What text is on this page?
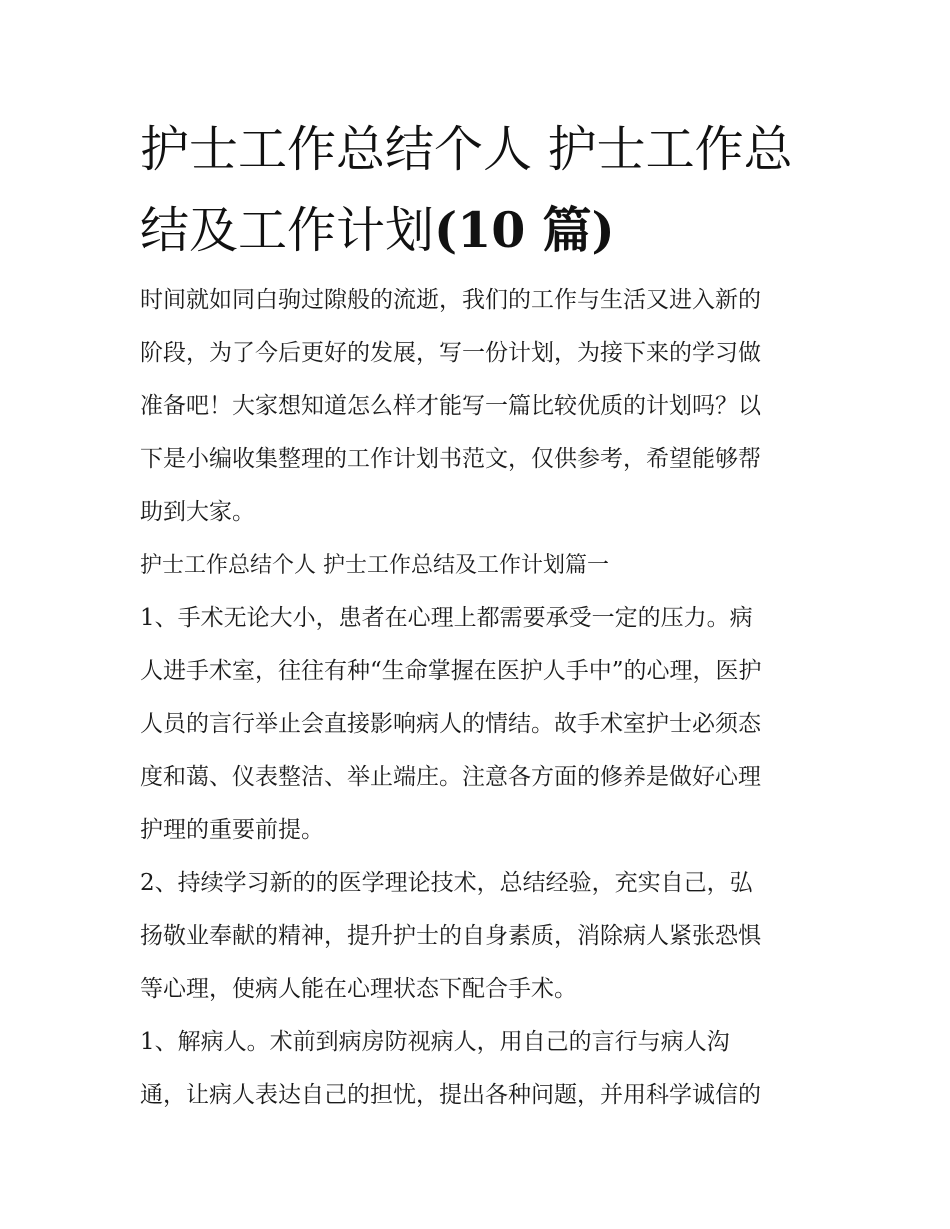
护士工作总结个人 护士工作总
结及工作计划(10 篇)
时间就如同白驹过隙般的流逝，我们的工作与生活又进入新的
阶段，为了今后更好的发展，写一份计划，为接下来的学习做
准备吧！大家想知道怎么样才能写一篇比较优质的计划吗？以
下是小编收集整理的工作计划书范文，仅供参考，希望能够帮
助到大家。
护士工作总结个人 护士工作总结及工作计划篇一
1、手术无论大小，患者在心理上都需要承受一定的压力。病
人进手术室，往往有种“生命掌握在医护人手中”的心理，医护
人员的言行举止会直接影响病人的情结。故手术室护士必须态
度和蔼、仪表整洁、举止端庄。注意各方面的修养是做好心理
护理的重要前提。
2、持续学习新的的医学理论技术，总结经验，充实自己，弘
扬敬业奉献的精神，提升护士的自身素质，消除病人紧张恐惧
等心理，使病人能在心理状态下配合手术。
1、解病人。术前到病房防视病人，用自己的言行与病人沟
通，让病人表达自己的担忧，提出各种问题，并用科学诚信的
